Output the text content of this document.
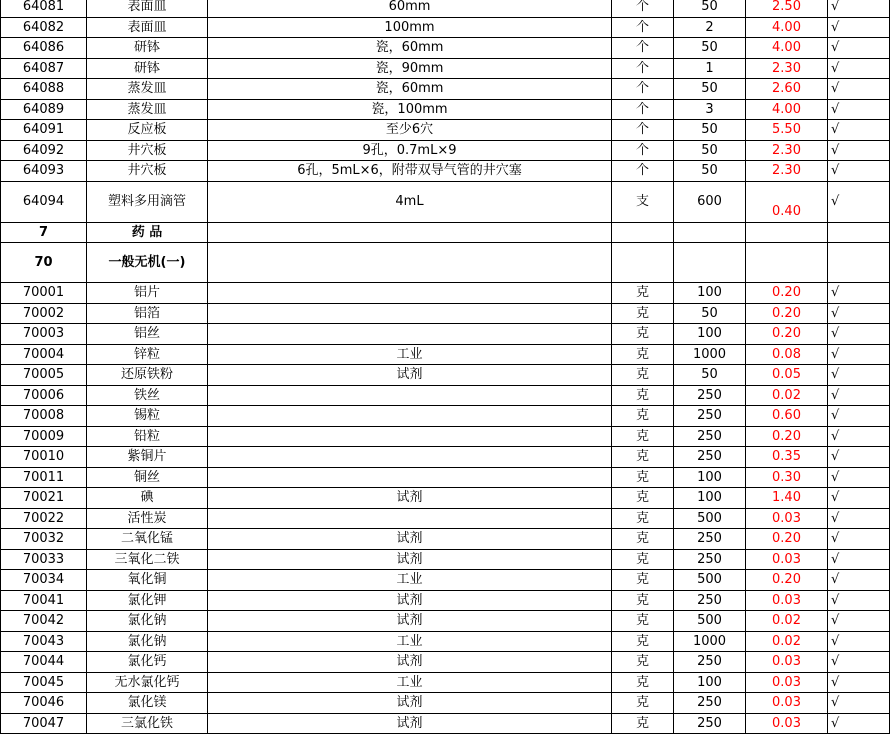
64081	表面皿	60mm	个	50	2.50	√
64082	表面皿	100mm	个	2	4.00	√
64086	研钵	瓷，60mm	个	50	4.00	√
64087	研钵	瓷，90mm	个	1	2.30	√
64088	蒸发皿	瓷，60mm	个	50	2.60	√
64089	蒸发皿	瓷，100mm	个	3	4.00	√
64091	反应板	至少6穴	个	50	5.50	√
64092	井穴板	9孔，0.7mL×9	个	50	2.30	√
64093	井穴板	6孔，5mL×6，附带双导气管的井穴塞	个	50	2.30	√
64094	塑料多用滴管	4mL	支	600	0.40	√
7	药 品					
70	一般无机(一)					
70001	铝片		克	100	0.20	√
70002	铝箔		克	50	0.20	√
70003	铝丝		克	100	0.20	√
70004	锌粒	工业	克	1000	0.08	√
70005	还原铁粉	试剂	克	50	0.05	√
70006	铁丝		克	250	0.02	√
70008	锡粒		克	250	0.60	√
70009	铅粒		克	250	0.20	√
70010	紫铜片		克	250	0.35	√
70011	铜丝		克	100	0.30	√
70021	碘	试剂	克	100	1.40	√
70022	活性炭		克	500	0.03	√
70032	二氧化锰	试剂	克	250	0.20	√
70033	三氧化二铁	试剂	克	250	0.03	√
70034	氧化铜	工业	克	500	0.20	√
70041	氯化钾	试剂	克	250	0.03	√
70042	氯化钠	试剂	克	500	0.02	√
70043	氯化钠	工业	克	1000	0.02	√
70044	氯化钙	试剂	克	250	0.03	√
70045	无水氯化钙	工业	克	100	0.03	√
70046	氯化镁	试剂	克	250	0.03	√
70047	三氯化铁	试剂	克	250	0.03	√
